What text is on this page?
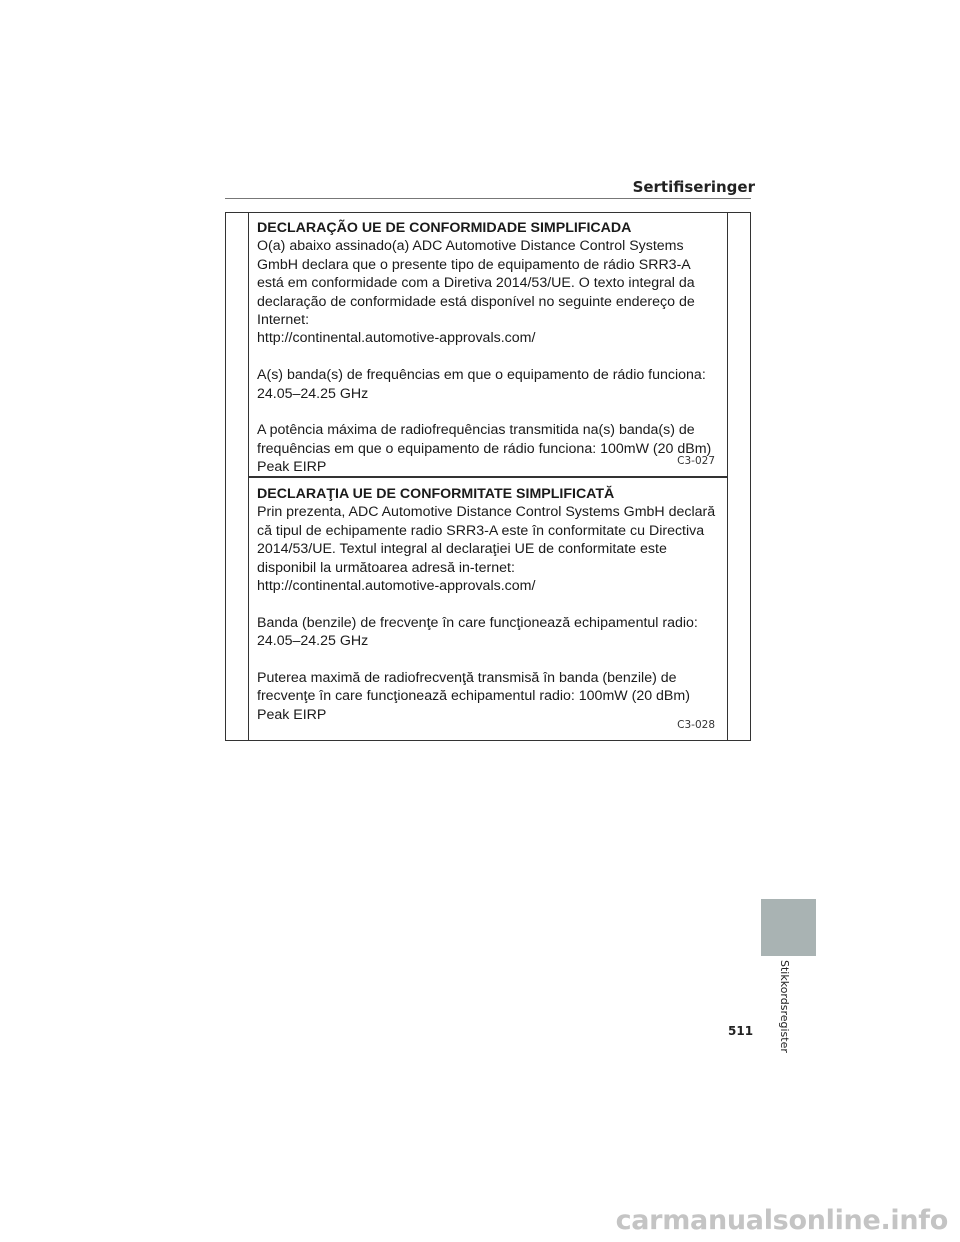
Sertifiseringer
DECLARAÇÃO UE DE CONFORMIDADE SIMPLIFICADA

O(a) abaixo assinado(a) ADC Automotive Distance Control Systems GmbH declara que o presente tipo de equipamento de rádio SRR3-A está em conformidade com a Diretiva 2014/53/UE. O texto integral da declaração de conformidade está disponível no seguinte endereço de Internet:
http://continental.automotive-approvals.com/

A(s) banda(s) de frequências em que o equipamento de rádio funciona: 24.05–24.25 GHz

A potência máxima de radiofrequências transmitida na(s) banda(s) de frequências em que o equipamento de rádio funciona: 100mW (20 dBm) Peak EIRP	C3-027
DECLARAŢIA UE DE CONFORMITATE SIMPLIFICATĂ

Prin prezenta, ADC Automotive Distance Control Systems GmbH declară că tipul de echipamente radio SRR3-A este în conformitate cu Directiva 2014/53/UE. Textul integral al declaraţiei UE de conformitate este disponibil la următoarea adresă in-ternet:
http://continental.automotive-approvals.com/

Banda (benzile) de frecvenţe în care funcţionează echipamentul radio: 24.05–24.25 GHz

Puterea maximă de radiofrecvenţă transmisă în banda (benzile) de frecvenţe în care funcţionează echipamentul radio: 100mW (20 dBm) Peak EIRP

C3-028
Stikkordsregister
511
carmanualsonline.info
